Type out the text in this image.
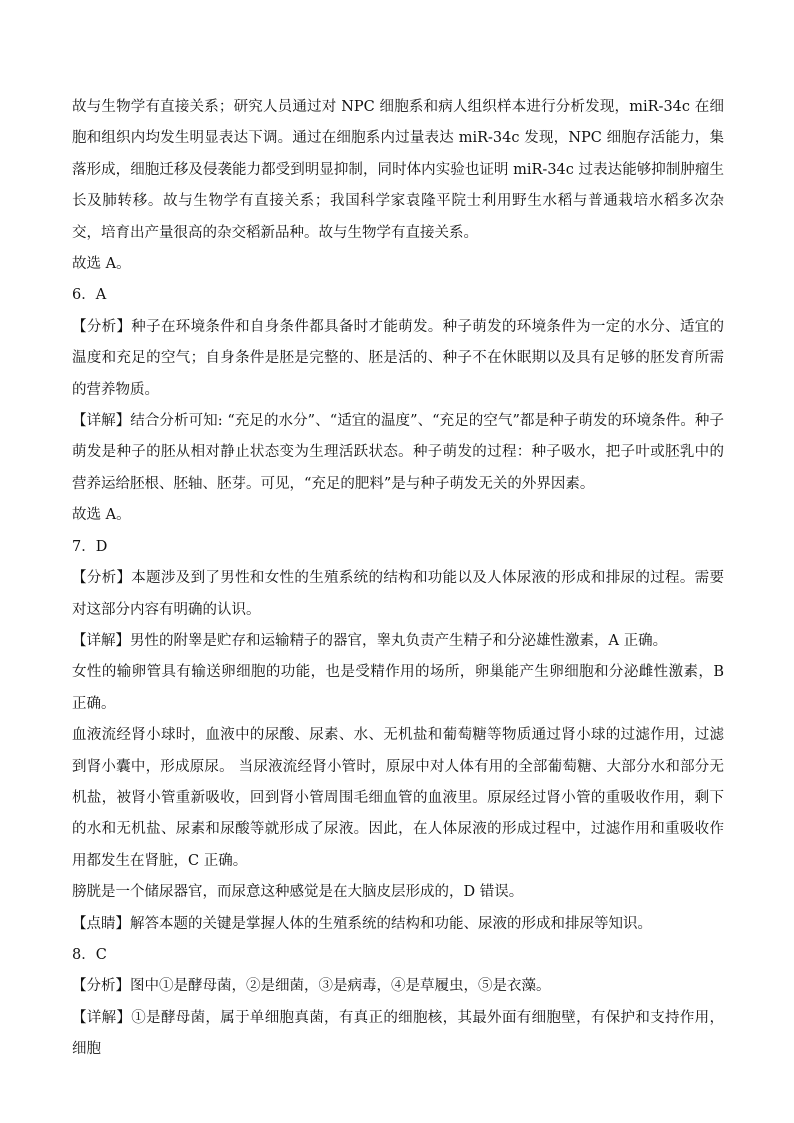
故与生物学有直接关系；研究人员通过对 NPC 细胞系和病人组织样本进行分析发现，miR-34c 在细胞和组织内均发生明显表达下调。通过在细胞系内过量表达 miR-34c 发现，NPC 细胞存活能力，集落形成，细胞迁移及侵袭能力都受到明显抑制，同时体内实验也证明 miR-34c 过表达能够抑制肿瘤生长及肺转移。故与生物学有直接关系；我国科学家袁隆平院士利用野生水稻与普通栽培水稻多次杂交，培育出产量很高的杂交稻新品种。故与生物学有直接关系。

故选 A。

6．A

【分析】种子在环境条件和自身条件都具备时才能萌发。种子萌发的环境条件为一定的水分、适宜的温度和充足的空气；自身条件是胚是完整的、胚是活的、种子不在休眠期以及具有足够的胚发育所需的营养物质。

【详解】结合分析可知: “充足的水分”、“适宜的温度”、“充足的空气”都是种子萌发的环境条件。种子萌发是种子的胚从相对静止状态变为生理活跃状态。种子萌发的过程：种子吸水，把子叶或胚乳中的营养运给胚根、胚轴、胚芽。可见，“充足的肥料”是与种子萌发无关的外界因素。

故选 A。

7．D

【分析】本题涉及到了男性和女性的生殖系统的结构和功能以及人体尿液的形成和排尿的过程。需要对这部分内容有明确的认识。

【详解】男性的附睾是贮存和运输精子的器官，睾丸负责产生精子和分泌雄性激素，A 正确。

女性的输卵管具有输送卵细胞的功能，也是受精作用的场所，卵巢能产生卵细胞和分泌雌性激素，B 正确。

血液流经肾小球时，血液中的尿酸、尿素、水、无机盐和葡萄糖等物质通过肾小球的过滤作用，过滤到肾小囊中，形成原尿。 当尿液流经肾小管时，原尿中对人体有用的全部葡萄糖、大部分水和部分无机盐，被肾小管重新吸收，回到肾小管周围毛细血管的血液里。原尿经过肾小管的重吸收作用，剩下的水和无机盐、尿素和尿酸等就形成了尿液。因此，在人体尿液的形成过程中，过滤作用和重吸收作用都发生在肾脏，C 正确。

膀胱是一个储尿器官，而尿意这种感觉是在大脑皮层形成的，D 错误。

【点睛】解答本题的关键是掌握人体的生殖系统的结构和功能、尿液的形成和排尿等知识。

8．C

【分析】图中①是酵母菌，②是细菌，③是病毒，④是草履虫，⑤是衣藻。

【详解】①是酵母菌，属于单细胞真菌，有真正的细胞核，其最外面有细胞壁，有保护和支持作用，细胞
